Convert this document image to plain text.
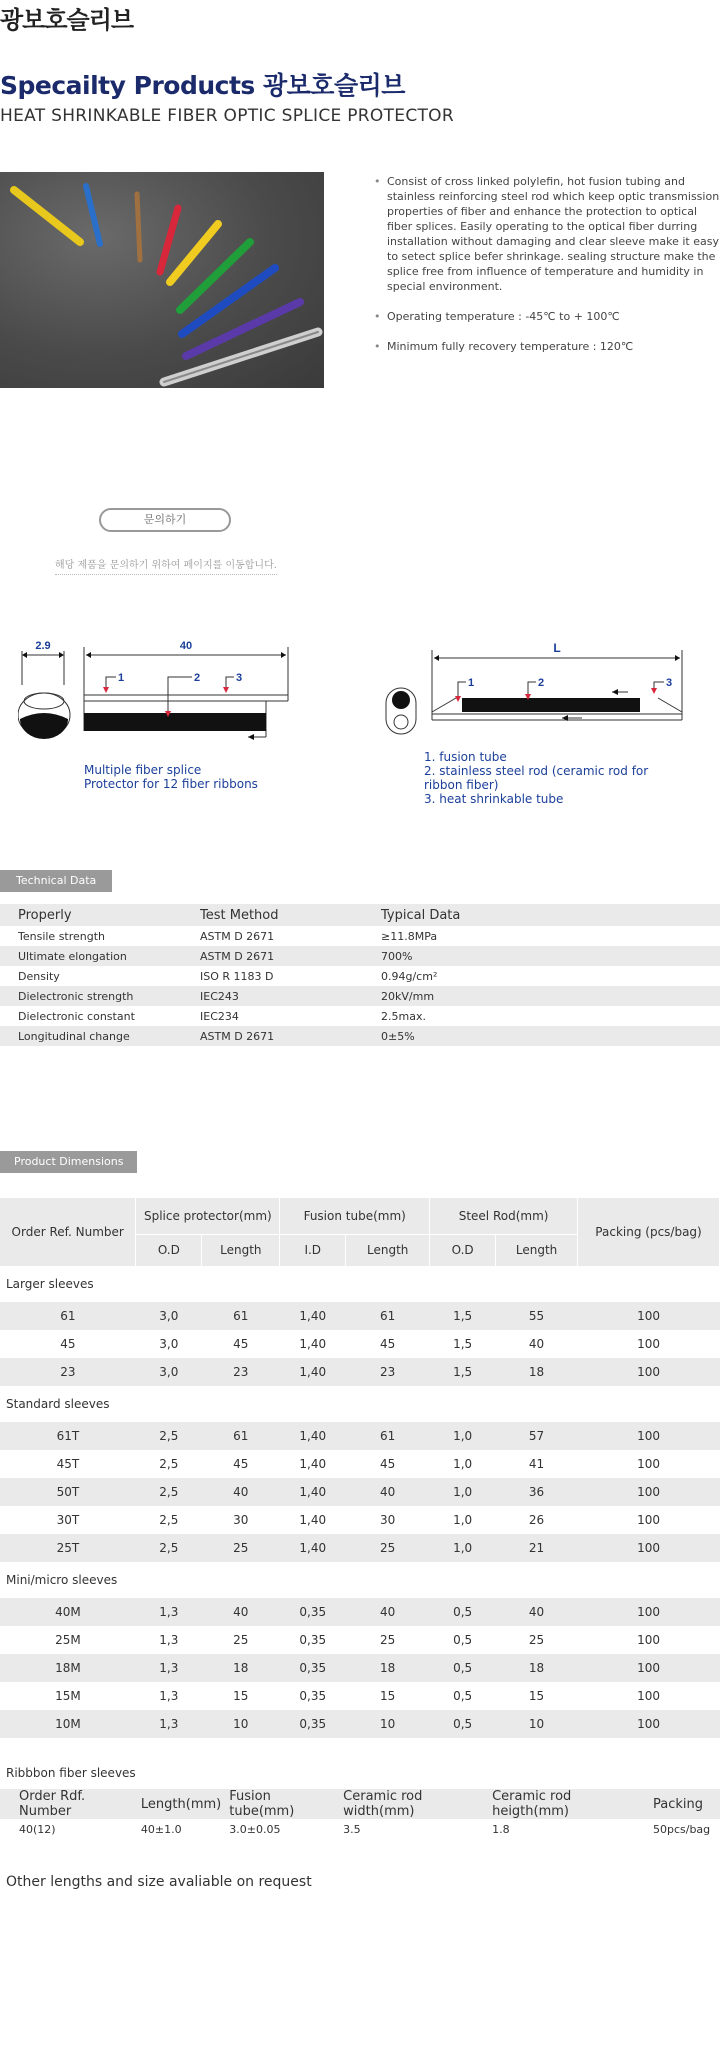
광보호슬리브
Specailty Products 광보호슬리브
HEAT SHRINKABLE FIBER OPTIC SPLICE PROTECTOR
• Consist of cross linked polylefin, hot fusion tubing and stainless reinforcing steel rod which keep optic transmission properties of fiber and enhance the protection to optical fiber splices. Easily operating to the optical fiber durring installation without damaging and clear sleeve make it easy to setect splice befer shrinkage. sealing structure make the splice free from influence of temperature and humidity in special environment.
• Operating temperature : -45℃ to + 100℃
• Minimum fully recovery temperature : 120℃
문의하기
해당 제품을 문의하기 위하여 페이지를 이동합니다.
2.9	40
1	2	3
Multiple fiber splice
Protector for 12 fiber ribbons
L
1	2	3
1. fusion tube
2. stainless steel rod (ceramic rod for ribbon fiber)
3. heat shrinkable tube
Technical Data
Properly	Test Method	Typical Data
Tensile strength	ASTM D 2671	≥11.8MPa
Ultimate elongation	ASTM D 2671	700%
Density	ISO R 1183 D	0.94g/cm²
Dielectronic strength	IEC243	20kV/mm
Dielectronic constant	IEC234	2.5max.
Longitudinal change	ASTM D 2671	0±5%
Product Dimensions
Order Ref. Number	Splice protector(mm)		Fusion tube(mm)		Steel Rod(mm)		Packing (pcs/bag)
	O.D	Length	I.D	Length	O.D	Length	
Larger sleeves							
61	3,0	61	1,40	61	1,5	55	100
45	3,0	45	1,40	45	1,5	40	100
23	3,0	23	1,40	23	1,5	18	100
Standard sleeves							
61T	2,5	61	1,40	61	1,0	57	100
45T	2,5	45	1,40	45	1,0	41	100
50T	2,5	40	1,40	40	1,0	36	100
30T	2,5	30	1,40	30	1,0	26	100
25T	2,5	25	1,40	25	1,0	21	100
Mini/micro sleeves							
40M	1,3	40	0,35	40	0,5	40	100
25M	1,3	25	0,35	25	0,5	25	100
18M	1,3	18	0,35	18	0,5	18	100
15M	1,3	15	0,35	15	0,5	15	100
10M	1,3	10	0,35	10	0,5	10	100
Ribbbon fiber sleeves
Order Rdf. Number	Length(mm)	Fusion tube(mm)	Ceramic rod width(mm)	Ceramic rod heigth(mm)	Packing
40(12)	40±1.0	3.0±0.05	3.5	1.8	50pcs/bag
Other lengths and size avaliable on request
